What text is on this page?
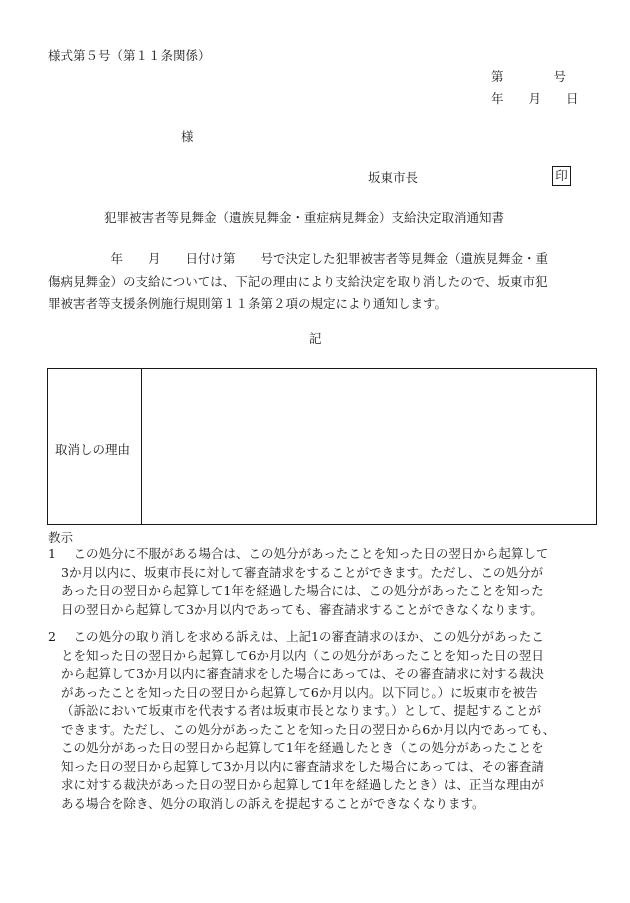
様式第５号（第１１条関係）
第　　　　号
年　　月　　日
様
坂東市長	印
犯罪被害者等見舞金（遺族見舞金・重症病見舞金）支給決定取消通知書
　　　　　年　　月　　日付け第　　号で決定した犯罪被害者等見舞金（遺族見舞金・重
傷病見舞金）の支給については、下記の理由により支給決定を取り消したので、坂東市犯
罪被害者等支援条例施行規則第１１条第２項の規定により通知します。
記
取消しの理由
教示
1　この処分に不服がある場合は、この処分があったことを知った日の翌日から起算して
3か月以内に、坂東市長に対して審査請求をすることができます。ただし、この処分が
あった日の翌日から起算して1年を経過した場合には、この処分があったことを知った
日の翌日から起算して3か月以内であっても、審査請求することができなくなります。
2　この処分の取り消しを求める訴えは、上記1の審査請求のほか、この処分があったこ
とを知った日の翌日から起算して6か月以内（この処分があったことを知った日の翌日
から起算して3か月以内に審査請求をした場合にあっては、その審査請求に対する裁決
があったことを知った日の翌日から起算して6か月以内。以下同じ。）に坂東市を被告
（訴訟において坂東市を代表する者は坂東市長となります。）として、提起することが
できます。ただし、この処分があったことを知った日の翌日から6か月以内であっても、
この処分があった日の翌日から起算して1年を経過したとき（この処分があったことを
知った日の翌日から起算して3か月以内に審査請求をした場合にあっては、その審査請
求に対する裁決があった日の翌日から起算して1年を経過したとき）は、正当な理由が
ある場合を除き、処分の取消しの訴えを提起することができなくなります。
